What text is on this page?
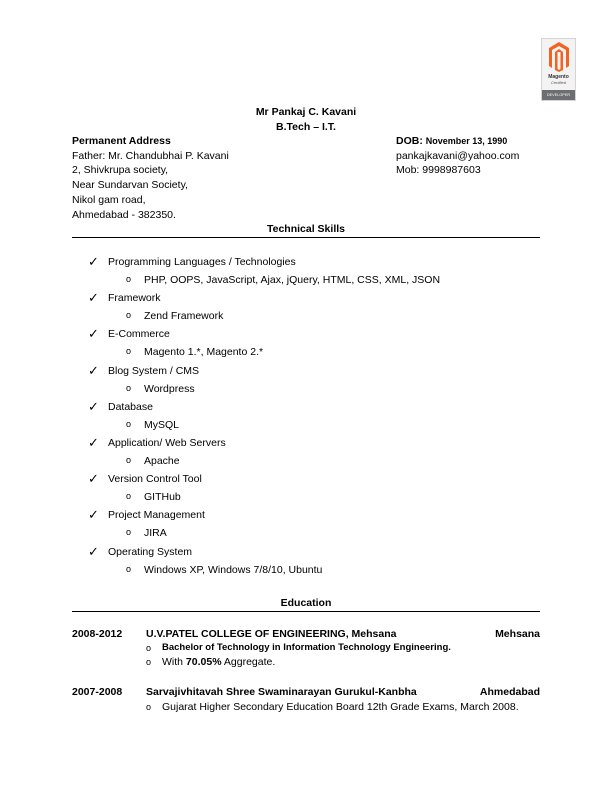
Magento
Certified
DEVELOPER
Mr Pankaj C. Kavani
B.Tech – I.T.
Permanent Address
Father: Mr. Chandubhai P. Kavani
2, Shivkrupa society,
Near Sundarvan Society,
Nikol gam road,
Ahmedabad - 382350.
DOB: November 13, 1990
pankajkavani@yahoo.com
Mob: 9998987603
Technical Skills
✓ Programming Languages / Technologies
o PHP, OOPS, JavaScript, Ajax, jQuery, HTML, CSS, XML, JSON
✓ Framework
o Zend Framework
✓ E-Commerce
o Magento 1.*, Magento 2.*
✓ Blog System / CMS
o Wordpress
✓ Database
o MySQL
✓ Application/ Web Servers
o Apache
✓ Version Control Tool
o GITHub
✓ Project Management
o JIRA
✓ Operating System
o Windows XP, Windows 7/8/10, Ubuntu
Education
2008-2012 U.V.PATEL COLLEGE OF ENGINEERING, Mehsana	Mehsana
o Bachelor of Technology in Information Technology Engineering.
o With 70.05% Aggregate.
2007-2008 Sarvajivhitavah Shree Swaminarayan Gurukul-Kanbha	Ahmedabad
o Gujarat Higher Secondary Education Board 12th Grade Exams, March 2008.
